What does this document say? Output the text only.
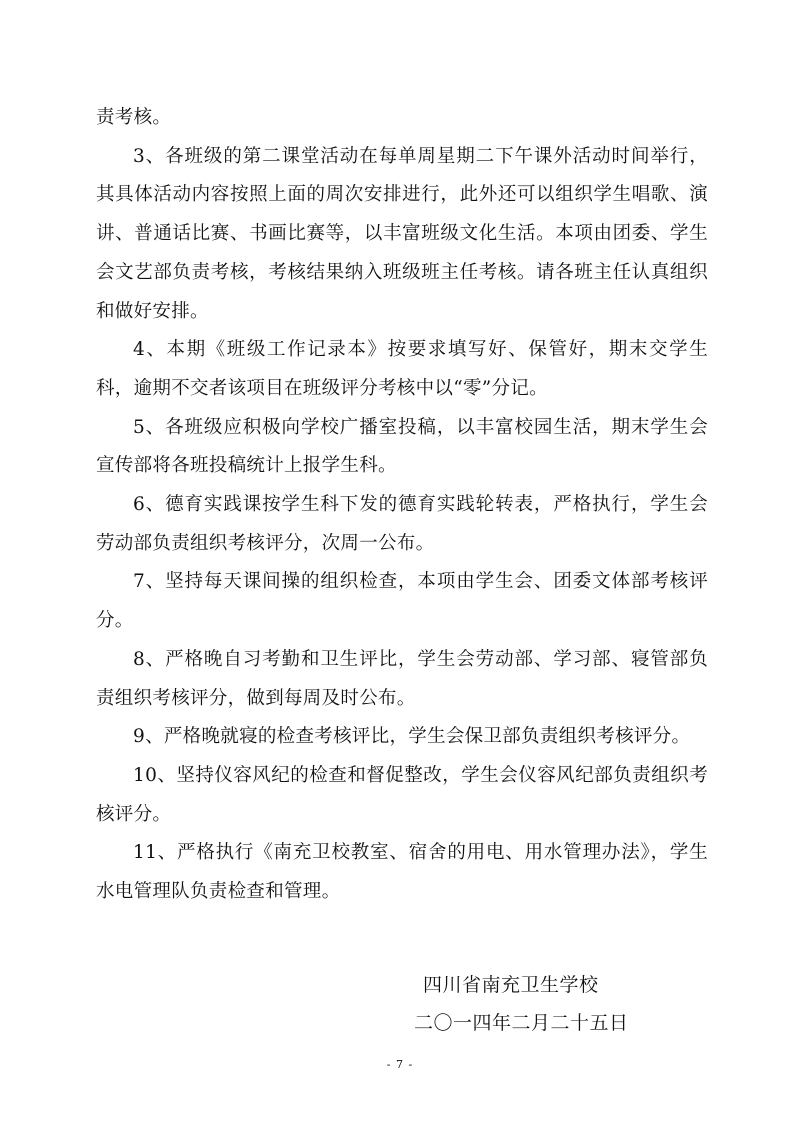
责考核。

3、各班级的第二课堂活动在每单周星期二下午课外活动时间举行，其具体活动内容按照上面的周次安排进行，此外还可以组织学生唱歌、演讲、普通话比赛、书画比赛等，以丰富班级文化生活。本项由团委、学生会文艺部负责考核，考核结果纳入班级班主任考核。请各班主任认真组织和做好安排。

4、本期《班级工作记录本》按要求填写好、保管好，期末交学生科，逾期不交者该项目在班级评分考核中以“零”分记。

5、各班级应积极向学校广播室投稿，以丰富校园生活，期末学生会宣传部将各班投稿统计上报学生科。

6、德育实践课按学生科下发的德育实践轮转表，严格执行，学生会劳动部负责组织考核评分，次周一公布。

7、坚持每天课间操的组织检查，本项由学生会、团委文体部考核评分。

8、严格晚自习考勤和卫生评比，学生会劳动部、学习部、寝管部负责组织考核评分，做到每周及时公布。

9、严格晚就寝的检查考核评比，学生会保卫部负责组织考核评分。

10、坚持仪容风纪的检查和督促整改，学生会仪容风纪部负责组织考核评分。

11、严格执行《南充卫校教室、宿舍的用电、用水管理办法》，学生水电管理队负责检查和管理。

四川省南充卫生学校
二〇一四年二月二十五日
- 7 -
